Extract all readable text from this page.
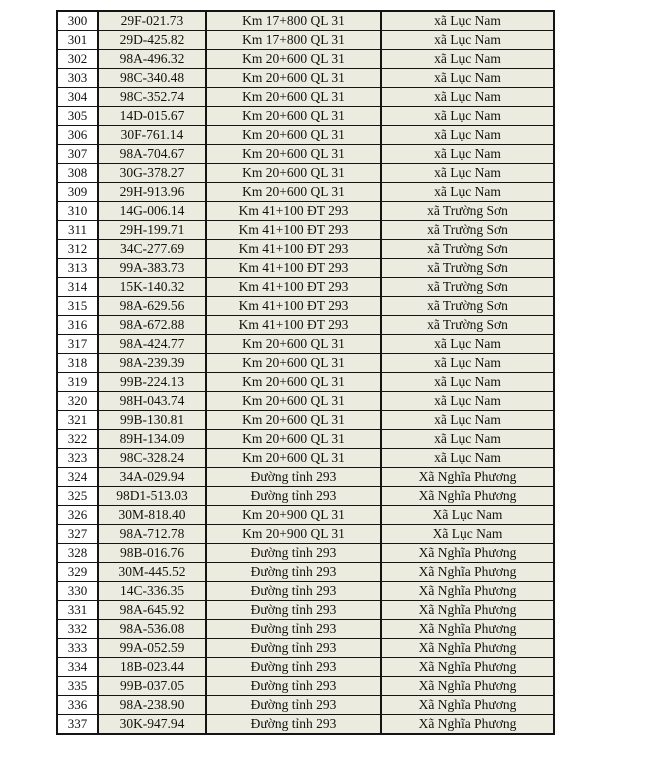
300	29F-021.73	Km 17+800 QL 31	xã Lục Nam
301	29D-425.82	Km 17+800 QL 31	xã Lục Nam
302	98A-496.32	Km 20+600 QL 31	xã Lục Nam
303	98C-340.48	Km 20+600 QL 31	xã Lục Nam
304	98C-352.74	Km 20+600 QL 31	xã Lục Nam
305	14D-015.67	Km 20+600 QL 31	xã Lục Nam
306	30F-761.14	Km 20+600 QL 31	xã Lục Nam
307	98A-704.67	Km 20+600 QL 31	xã Lục Nam
308	30G-378.27	Km 20+600 QL 31	xã Lục Nam
309	29H-913.96	Km 20+600 QL 31	xã Lục Nam
310	14G-006.14	Km 41+100 ĐT 293	xã Trường Sơn
311	29H-199.71	Km 41+100 ĐT 293	xã Trường Sơn
312	34C-277.69	Km 41+100 ĐT 293	xã Trường Sơn
313	99A-383.73	Km 41+100 ĐT 293	xã Trường Sơn
314	15K-140.32	Km 41+100 ĐT 293	xã Trường Sơn
315	98A-629.56	Km 41+100 ĐT 293	xã Trường Sơn
316	98A-672.88	Km 41+100 ĐT 293	xã Trường Sơn
317	98A-424.77	Km 20+600 QL 31	xã Lục Nam
318	98A-239.39	Km 20+600 QL 31	xã Lục Nam
319	99B-224.13	Km 20+600 QL 31	xã Lục Nam
320	98H-043.74	Km 20+600 QL 31	xã Lục Nam
321	99B-130.81	Km 20+600 QL 31	xã Lục Nam
322	89H-134.09	Km 20+600 QL 31	xã Lục Nam
323	98C-328.24	Km 20+600 QL 31	xã Lục Nam
324	34A-029.94	Đường tỉnh 293	Xã Nghĩa Phương
325	98D1-513.03	Đường tỉnh 293	Xã Nghĩa Phương
326	30M-818.40	Km 20+900 QL 31	Xã Lục Nam
327	98A-712.78	Km 20+900 QL 31	Xã Lục Nam
328	98B-016.76	Đường tỉnh 293	Xã Nghĩa Phương
329	30M-445.52	Đường tỉnh 293	Xã Nghĩa Phương
330	14C-336.35	Đường tỉnh 293	Xã Nghĩa Phương
331	98A-645.92	Đường tỉnh 293	Xã Nghĩa Phương
332	98A-536.08	Đường tỉnh 293	Xã Nghĩa Phương
333	99A-052.59	Đường tỉnh 293	Xã Nghĩa Phương
334	18B-023.44	Đường tỉnh 293	Xã Nghĩa Phương
335	99B-037.05	Đường tỉnh 293	Xã Nghĩa Phương
336	98A-238.90	Đường tỉnh 293	Xã Nghĩa Phương
337	30K-947.94	Đường tỉnh 293	Xã Nghĩa Phương
